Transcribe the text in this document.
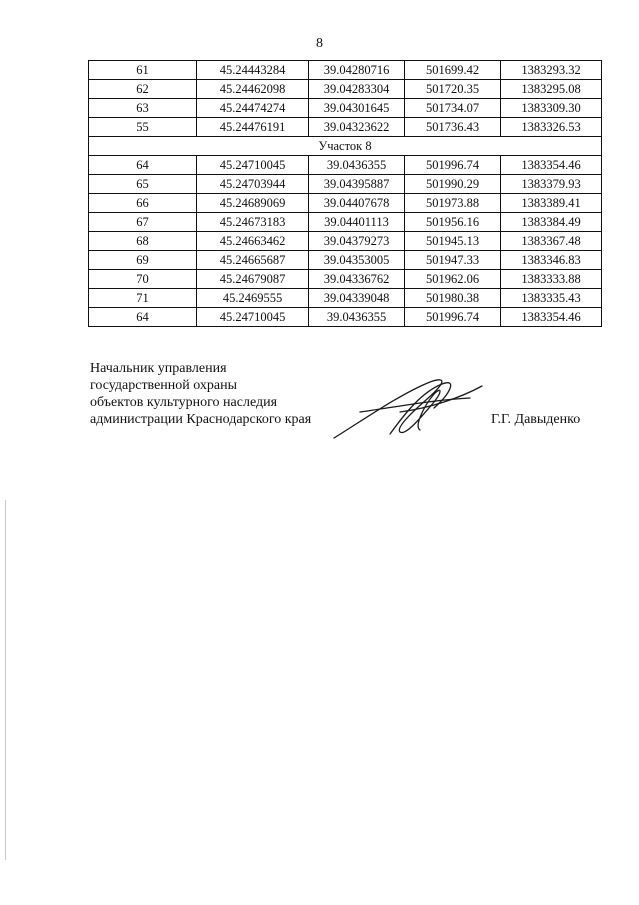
8
61	45.24443284	39.04280716	501699.42	1383293.32
62	45.24462098	39.04283304	501720.35	1383295.08
63	45.24474274	39.04301645	501734.07	1383309.30
55	45.24476191	39.04323622	501736.43	1383326.53
Участок 8				
64	45.24710045	39.0436355	501996.74	1383354.46
65	45.24703944	39.04395887	501990.29	1383379.93
66	45.24689069	39.04407678	501973.88	1383389.41
67	45.24673183	39.04401113	501956.16	1383384.49
68	45.24663462	39.04379273	501945.13	1383367.48
69	45.24665687	39.04353005	501947.33	1383346.83
70	45.24679087	39.04336762	501962.06	1383333.88
71	45.2469555	39.04339048	501980.38	1383335.43
64	45.24710045	39.0436355	501996.74	1383354.46
Начальник управления
государственной охраны
объектов культурного наследия
администрации Краснодарского края	Г.Г. Давыденко
